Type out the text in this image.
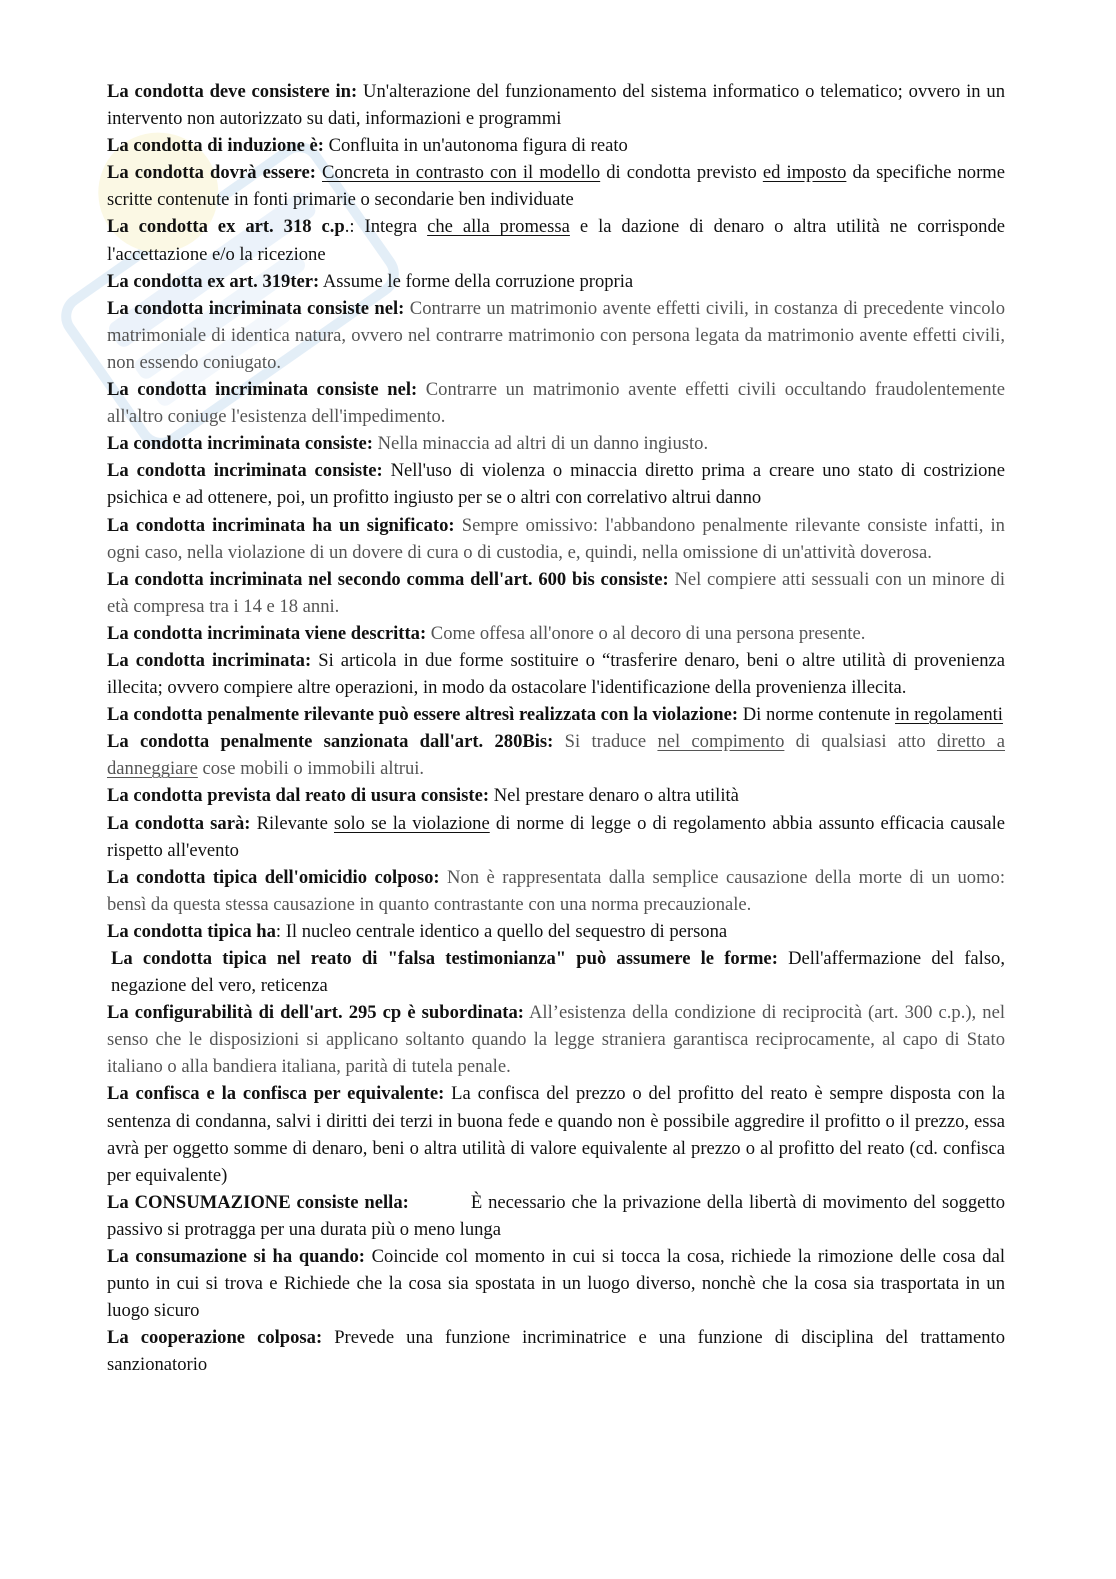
La condotta deve consistere in: Un'alterazione del funzionamento del sistema informatico o telematico; ovvero in un intervento non autorizzato su dati, informazioni e programmi

La condotta di induzione è: Confluita in un'autonoma figura di reato

La condotta dovrà essere: Concreta in contrasto con il modello di condotta previsto ed imposto da specifiche norme scritte contenute in fonti primarie o secondarie ben individuate

La condotta ex art. 318 c.p.: Integra che alla promessa e la dazione di denaro o altra utilità ne corrisponde l'accettazione e/o la ricezione

La condotta ex art. 319ter: Assume le forme della corruzione propria

La condotta incriminata consiste nel: Contrarre un matrimonio avente effetti civili, in costanza di precedente vincolo matrimoniale di identica natura, ovvero nel contrarre matrimonio con persona legata da matrimonio avente effetti civili, non essendo coniugato.

La condotta incriminata consiste nel: Contrarre un matrimonio avente effetti civili occultando fraudolentemente all'altro coniuge l'esistenza dell'impedimento.

La condotta incriminata consiste: Nella minaccia ad altri di un danno ingiusto.

La condotta incriminata consiste: Nell'uso di violenza o minaccia diretto prima a creare uno stato di costrizione psichica e ad ottenere, poi, un profitto ingiusto per se o altri con correlativo altrui danno

La condotta incriminata ha un significato: Sempre omissivo: l'abbandono penalmente rilevante consiste infatti, in ogni caso, nella violazione di un dovere di cura o di custodia, e, quindi, nella omissione di un'attività doverosa.

La condotta incriminata nel secondo comma dell'art. 600 bis consiste: Nel compiere atti sessuali con un minore di età compresa tra i 14 e 18 anni.

La condotta incriminata viene descritta: Come offesa all'onore o al decoro di una persona presente.

La condotta incriminata: Si articola in due forme sostituire o “trasferire denaro, beni o altre utilità di provenienza illecita; ovvero compiere altre operazioni, in modo da ostacolare l'identificazione della provenienza illecita.

La condotta penalmente rilevante può essere altresì realizzata con la violazione: Di norme contenute in regolamenti

La condotta penalmente sanzionata dall'art. 280Bis: Si traduce nel compimento di qualsiasi atto diretto a danneggiare cose mobili o immobili altrui.

La condotta prevista dal reato di usura consiste: Nel prestare denaro o altra utilità

La condotta sarà: Rilevante solo se la violazione di norme di legge o di regolamento abbia assunto efficacia causale rispetto all'evento

La condotta tipica dell'omicidio colposo: Non è rappresentata dalla semplice causazione della morte di un uomo: bensì da questa stessa causazione in quanto contrastante con una norma precauzionale.

La condotta tipica ha: Il nucleo centrale identico a quello del sequestro di persona

La condotta tipica nel reato di "falsa testimonianza" può assumere le forme: Dell'affermazione del falso, negazione del vero, reticenza

La configurabilità di dell'art. 295 cp è subordinata: All’esistenza della condizione di reciprocità (art. 300 c.p.), nel senso che le disposizioni si applicano soltanto quando la legge straniera garantisca reciprocamente, al capo di Stato italiano o alla bandiera italiana, parità di tutela penale.

La confisca e la confisca per equivalente: La confisca del prezzo o del profitto del reato è sempre disposta con la sentenza di condanna, salvi i diritti dei terzi in buona fede e quando non è possibile aggredire il profitto o il prezzo, essa avrà per oggetto somme di denaro, beni o altra utilità di valore equivalente al prezzo o al profitto del reato (cd. confisca per equivalente)

La CONSUMAZIONE consiste nella:	È necessario che la privazione della libertà di movimento del soggetto passivo si protragga per una durata più o meno lunga

La consumazione si ha quando: Coincide col momento in cui si tocca la cosa, richiede la rimozione delle cosa dal punto in cui si trova e Richiede che la cosa sia spostata in un luogo diverso, nonchè che la cosa sia trasportata in un luogo sicuro

La cooperazione colposa: Prevede una funzione incriminatrice e una funzione di disciplina del trattamento sanzionatorio
